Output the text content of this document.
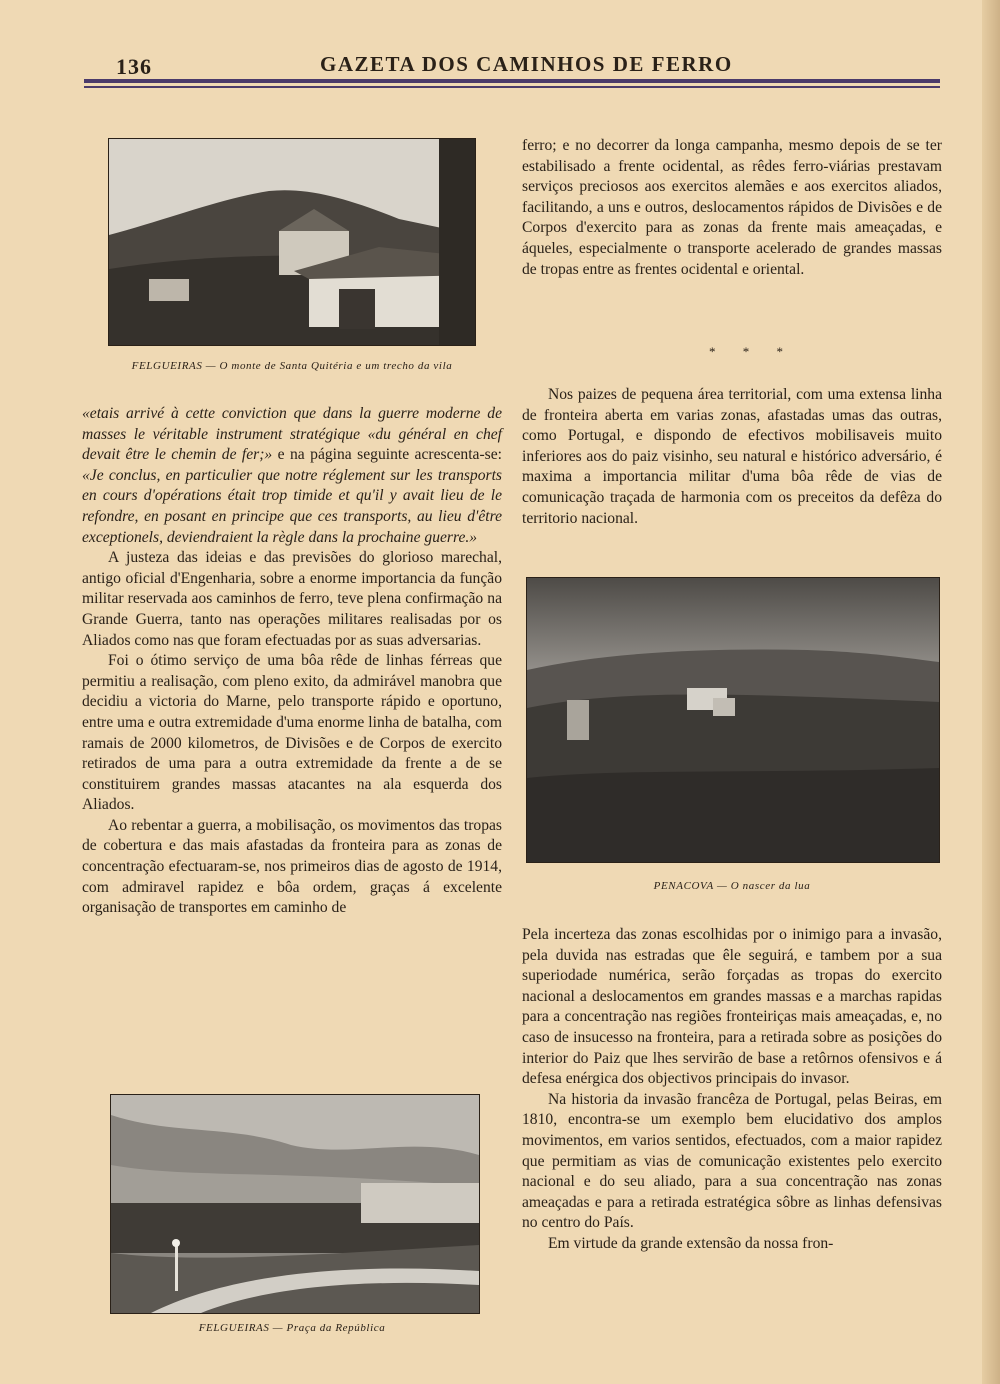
136	GAZETA DOS CAMINHOS DE FERRO
FELGUEIRAS — O monte de Santa Quitéria e um trecho da vila

«etais arrivé à cette conviction que dans la guerre moderne de masses le véritable instrument stratégique «du général en chef devait être le chemin de fer;» e na página seguinte acrescenta-se: «Je conclus, en particulier que notre réglement sur les transports en cours d'opérations était trop timide et qu'il y avait lieu de le refondre, en posant en principe que ces transports, au lieu d'être exceptionels, deviendraient la règle dans la prochaine guerre.»

A justeza das ideias e das previsões do glorioso marechal, antigo oficial d'Engenharia, sobre a enorme importancia da função militar reservada aos caminhos de ferro, teve plena confirmação na Grande Guerra, tanto nas operações militares realisadas por os Aliados como nas que foram efectuadas por as suas adversarias.

Foi o ótimo serviço de uma bôa rêde de linhas férreas que permitiu a realisação, com pleno exito, da admirável manobra que decidiu a victoria do Marne, pelo transporte rápido e oportuno, entre uma e outra extremidade d'uma enorme linha de batalha, com ramais de 2000 kilometros, de Divisões e de Corpos de exercito retirados de uma para a outra extremidade da frente a de se constituirem grandes massas atacantes na ala esquerda dos Aliados.

Ao rebentar a guerra, a mobilisação, os movimentos das tropas de cobertura e das mais afastadas da fronteira para as zonas de concentração efectuaram-se, nos primeiros dias de agosto de 1914, com admiravel rapidez e bôa ordem, graças á excelente organisação de transportes em caminho de

FELGUEIRAS — Praça da República

ferro; e no decorrer da longa campanha, mesmo depois de se ter estabilisado a frente ocidental, as rêdes ferro-viárias prestavam serviços preciosos aos exercitos alemães e aos exercitos aliados, facilitando, a uns e outros, deslocamentos rápidos de Divisões e de Corpos d'exercito para as zonas da frente mais ameaçadas, e áqueles, especialmente o transporte acelerado de grandes massas de tropas entre as frentes ocidental e oriental.

* * *

Nos paizes de pequena área territorial, com uma extensa linha de fronteira aberta em varias zonas, afastadas umas das outras, como Portugal, e dispondo de efectivos mobilisaveis muito inferiores aos do paiz visinho, seu natural e histórico adversário, é maxima a importancia militar d'uma bôa rêde de vias de comunicação traçada de harmonia com os preceitos da defêza do territorio nacional.

PENACOVA — O nascer da lua

Pela incerteza das zonas escolhidas por o inimigo para a invasão, pela duvida nas estradas que êle seguirá, e tambem por a sua superiodade numérica, serão forçadas as tropas do exercito nacional a deslocamentos em grandes massas e a marchas rapidas para a concentração nas regiões fronteiriças mais ameaçadas, e, no caso de insucesso na fronteira, para a retirada sobre as posições do interior do Paiz que lhes servirão de base a retôrnos ofensivos e á defesa enérgica dos objectivos principais do invasor.

Na historia da invasão francêza de Portugal, pelas Beiras, em 1810, encontra-se um exemplo bem elucidativo dos amplos movimentos, em varios sentidos, efectuados, com a maior rapidez que permitiam as vias de comunicação existentes pelo exercito nacional e do seu aliado, para a sua concentração nas zonas ameaçadas e para a retirada estratégica sôbre as linhas defensivas no centro do País.

Em virtude da grande extensão da nossa fron-
